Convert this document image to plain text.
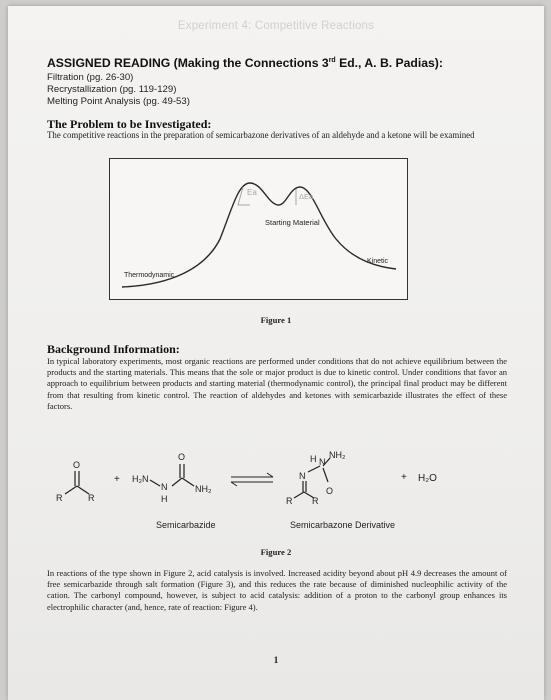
Experiment 4: Competitive Reactions
ASSIGNED READING (Making the Connections 3rd Ed., A. B. Padias):
Filtration (pg. 26-30)
Recrystallization (pg. 119-129)
Melting Point Analysis (pg. 49-53)
The Problem to be Investigated:
The competitive reactions in the preparation of semicarbazone derivatives of an aldehyde and a ketone will be examined
Ea	ΔEa
Starting Material
Kinetic
Thermodynamic
Figure 1
Background Information:
In typical laboratory experiments, most organic reactions are performed under conditions that do not achieve equilibrium between the products and the starting materials. This means that the sole or major product is due to kinetic control. Under conditions that favor an approach to equilibrium between products and starting material (thermodynamic control), the principal final product may be different from that resulting from kinetic control. The reaction of aldehydes and ketones with semicarbazide illustrates the effect of these factors.
O
R	R
+ H₂N
N
H
O
NH₂
H N
NH₂
N
O
R R
+ H₂O
Semicarbazide	Semicarbazone Derivative
Figure 2
In reactions of the type shown in Figure 2, acid catalysis is involved. Increased acidity beyond about pH 4.9 decreases the amount of free semicarbazide through salt formation (Figure 3), and this reduces the rate because of diminished nucleophilic activity of the cation. The carbonyl compound, however, is subject to acid catalysis: addition of a proton to the carbonyl group enhances its electrophilic character (and, hence, rate of reaction: Figure 4).
1
